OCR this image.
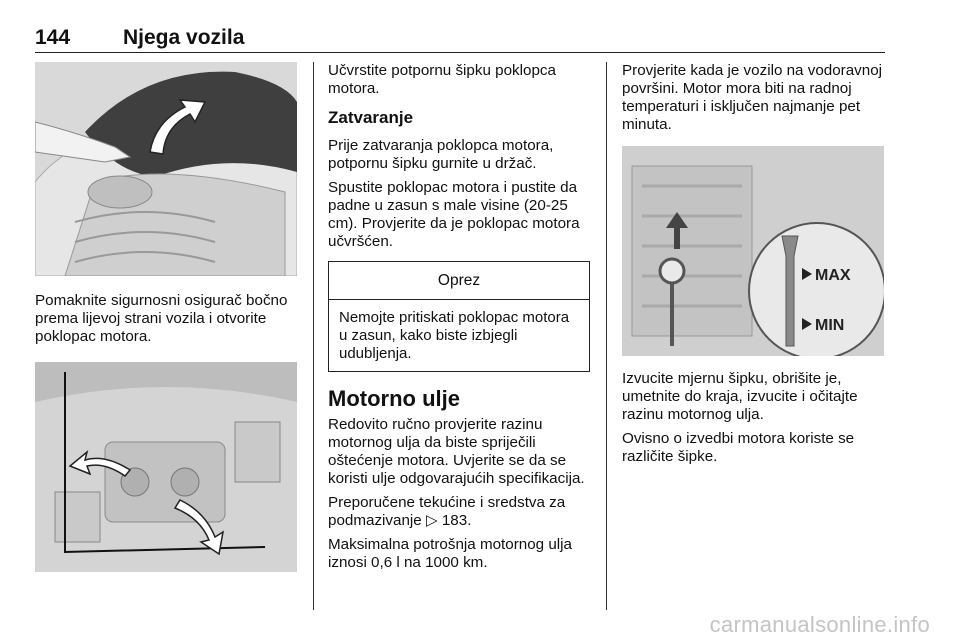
144	Njega vozila

Pomaknite sigurnosni osigurač bočno prema lijevoj strani vozila i otvorite poklopac motora.

Učvrstite potpornu šipku poklopca motora.

Zatvaranje

Prije zatvaranja poklopca motora, potpornu šipku gurnite u držač.

Spustite poklopac motora i pustite da padne u zasun s male visine (20-25 cm). Provjerite da je poklopac motora učvršćen.

Oprez
Nemojte pritiskati poklopac motora u zasun, kako biste izbjegli udubljenja.
Motorno ulje

Redovito ručno provjerite razinu motornog ulja da biste spriječili oštećenje motora. Uvjerite se da se koristi ulje odgovarajućih specifikacija.

Preporučene tekućine i sredstva za podmazivanje ▷ 183.

Maksimalna potrošnja motornog ulja iznosi 0,6 l na 1000 km.

Provjerite kada je vozilo na vodoravnoj površini. Motor mora biti na radnoj temperaturi i isključen najmanje pet minuta.

MAX
MIN

Izvucite mjernu šipku, obrišite je, umetnite do kraja, izvucite i očitajte razinu motornog ulja.

Ovisno o izvedbi motora koriste se različite šipke.

carmanualsonline.info
